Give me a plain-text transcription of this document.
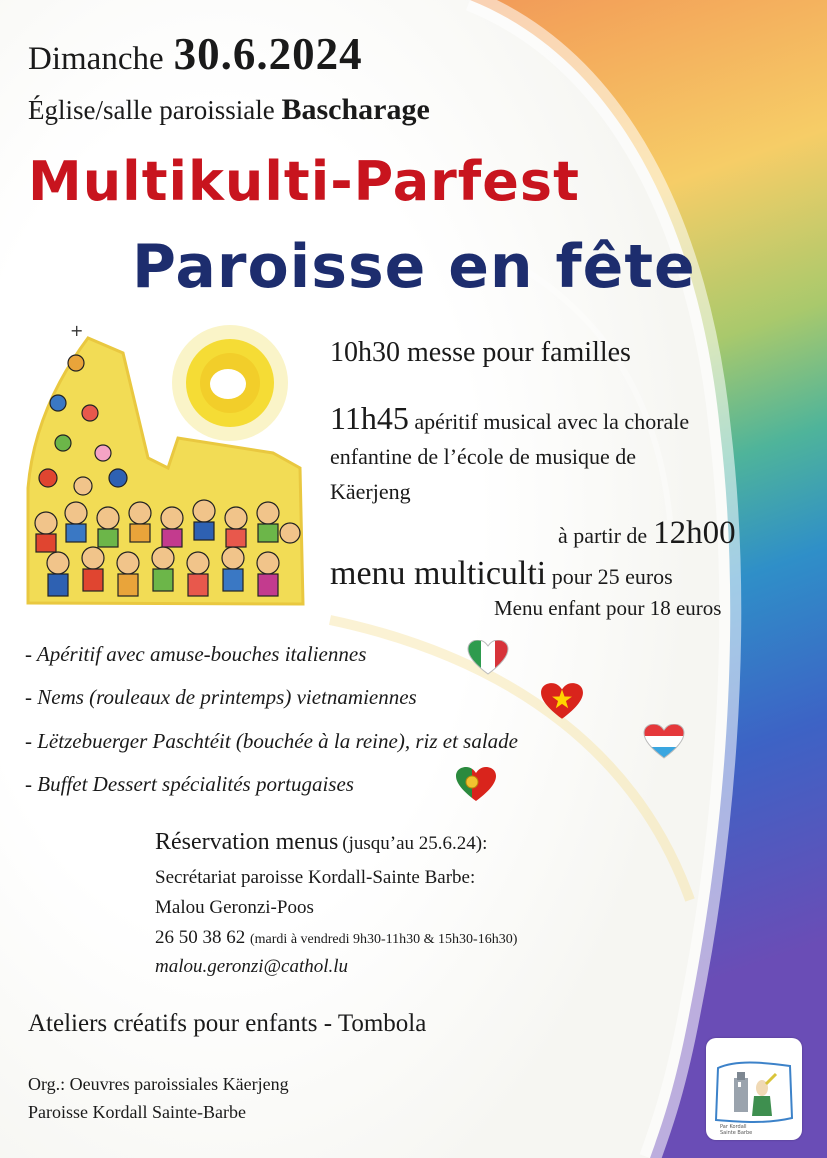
Dimanche 30.6.2024
Église/salle paroissiale Bascharage
Multikulti-Parfest
Paroisse en fête
+
10h30 messe pour familles
11h45 apéritif musical avec la chorale
enfantine de l’école de musique de
Käerjeng
à partir de 12h00
menu multiculti pour 25 euros
Menu enfant pour 18 euros
- Apéritif avec amuse-bouches italiennes
- Nems (rouleaux de printemps) vietnamiennes
- Lëtzebuerger Paschtéit (bouchée à la reine), riz et salade
- Buffet Dessert spécialités portugaises
Réservation menus (jusqu’au 25.6.24):
Secrétariat paroisse Kordall-Sainte Barbe:
Malou Geronzi-Poos
26 50 38 62 (mardi à vendredi 9h30-11h30 & 15h30-16h30)
malou.geronzi@cathol.lu
Ateliers créatifs pour enfants - Tombola
Org.: Oeuvres paroissiales Käerjeng
Paroisse Kordall Sainte-Barbe
Par Kordall
Sainte Barbe
